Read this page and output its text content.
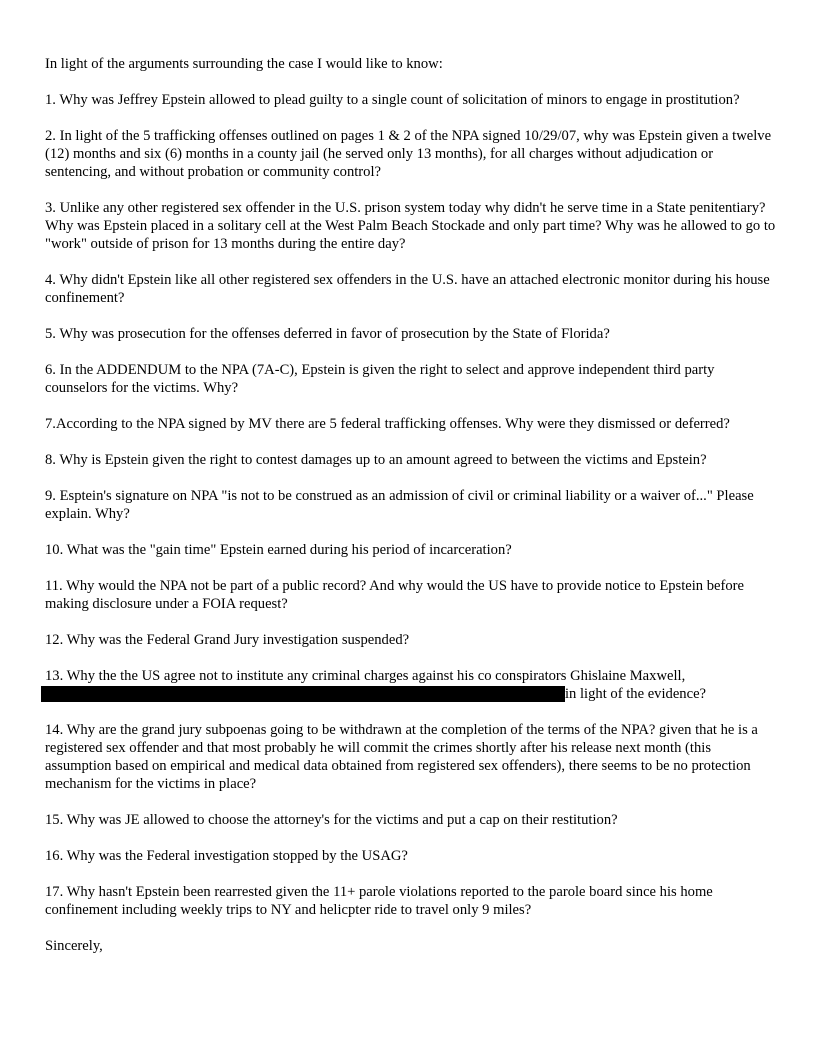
In light of the arguments surrounding the case I would like to know:

1. Why was Jeffrey Epstein allowed to plead guilty to a single count of solicitation of minors to engage in prostitution?

2. In light of the 5 trafficking offenses outlined on pages 1 & 2 of the NPA signed 10/29/07, why was Epstein given a twelve (12) months and six (6) months in a county jail (he served only 13 months), for all charges without adjudication or sentencing, and without probation or community control?

3. Unlike any other registered sex offender in the U.S. prison system today why didn't he serve time in a State penitentiary? Why was Epstein placed in a solitary cell at the West Palm Beach Stockade and only part time? Why was he allowed to go to "work" outside of prison for 13 months during the entire day?

4. Why didn't Epstein like all other registered sex offenders in the U.S. have an attached electronic monitor during his house confinement?

5. Why was prosecution for the offenses deferred in favor of prosecution by the State of Florida?

6. In the ADDENDUM to the NPA (7A-C), Epstein is given the right to select and approve independent third party counselors for the victims. Why?

7.According to the NPA signed by MV there are 5 federal trafficking offenses. Why were they dismissed or deferred?

8. Why is Epstein given the right to contest damages up to an amount agreed to between the victims and Epstein?

9. Esptein's signature on NPA "is not to be construed as an admission of civil or criminal liability or a waiver of..." Please explain. Why?

10. What was the "gain time" Epstein earned during his period of incarceration?

11. Why would the NPA not be part of a public record? And why would the US have to provide notice to Epstein before making disclosure under a FOIA request?

12. Why was the Federal Grand Jury investigation suspended?

13. Why the the US agree not to institute any criminal charges against his co conspirators Ghislaine Maxwell,
in light of the evidence?

14. Why are the grand jury subpoenas going to be withdrawn at the completion of the terms of the NPA? given that he is a registered sex offender and that most probably he will commit the crimes shortly after his release next month (this assumption based on empirical and medical data obtained from registered sex offenders), there seems to be no protection mechanism for the victims in place?

15. Why was JE allowed to choose the attorney's for the victims and put a cap on their restitution?

16. Why was the Federal investigation stopped by the USAG?

17. Why hasn't Epstein been rearrested given the 11+ parole violations reported to the parole board since his home confinement including weekly trips to NY and helicpter ride to travel only 9 miles?

Sincerely,
